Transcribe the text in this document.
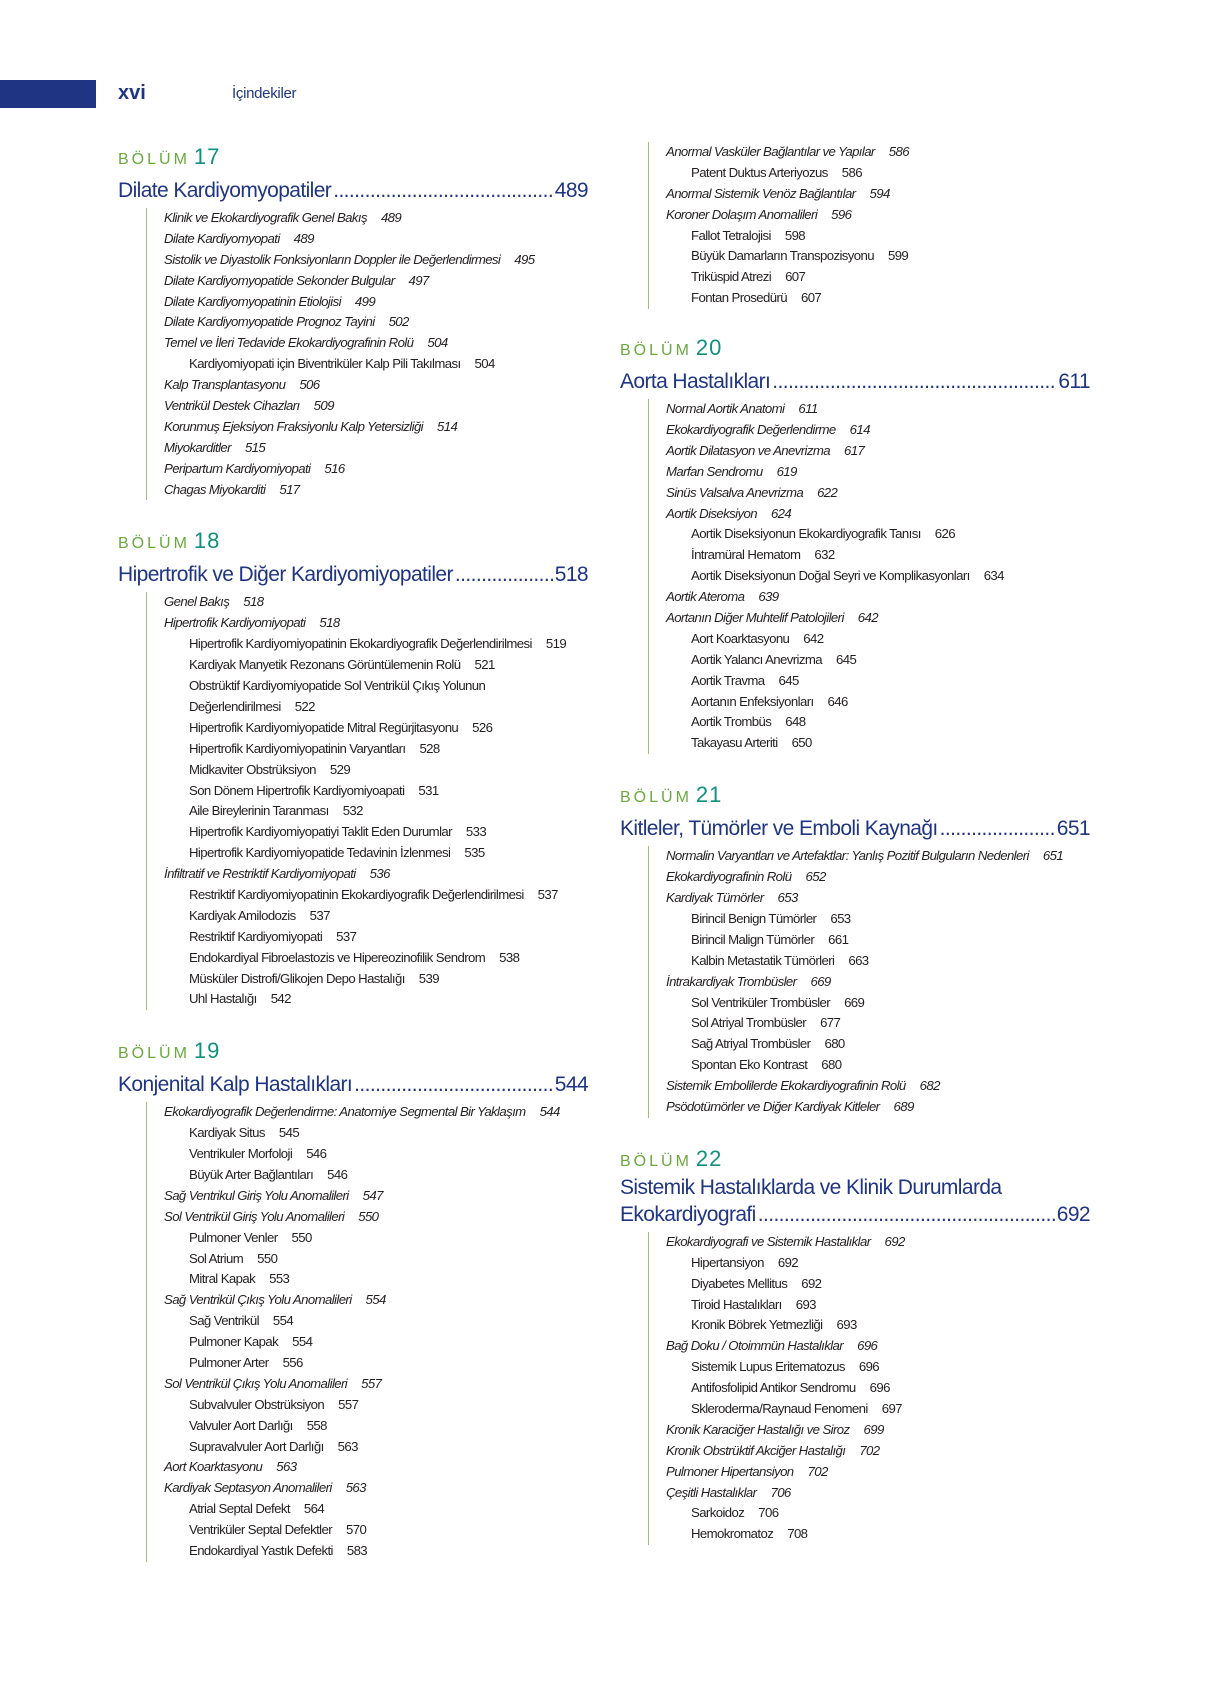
xvi	İçindekiler
BÖLÜM 17
Dilate Kardiyomyopatiler .....	489
Klinik ve Ekokardiyografik Genel Bakış 489
Dilate Kardiyomyopati 489
Sistolik ve Diyastolik Fonksiyonların Doppler ile Değerlendirmesi 495
Dilate Kardiyomyopatide Sekonder Bulgular 497
Dilate Kardiyomyopatinin Etiolojisi 499
Dilate Kardiyomyopatide Prognoz Tayini 502
Temel ve İleri Tedavide Ekokardiyografinin Rolü 504
Kardiyomiyopati için Biventriküler Kalp Pili Takılması 504
Kalp Transplantasyonu 506
Ventrikül Destek Cihazları 509
Korunmuş Ejeksiyon Fraksiyonlu Kalp Yetersizliği 514
Miyokarditler 515
Peripartum Kardiyomiyopati 516
Chagas Miyokarditi 517
BÖLÜM 18
Hipertrofik ve Diğer Kardiyomiyopatiler .....	518
Genel Bakış 518
Hipertrofik Kardiyomiyopati 518
Hipertrofik Kardiyomiyopatinin Ekokardiyografik Değerlendirilmesi 519
Kardiyak Manyetik Rezonans Görüntülemenin Rolü 521
Obstrüktif Kardiyomiyopatide Sol Ventrikül Çıkış Yolunun Değerlendirilmesi 522
Hipertrofik Kardiyomiyopatide Mitral Regürjitasyonu 526
Hipertrofik Kardiyomiyopatinin Varyantları 528
Midkaviter Obstrüksiyon 529
Son Dönem Hipertrofik Kardiyomiyoapati 531
Aile Bireylerinin Taranması 532
Hipertrofik Kardiyomiyopatiyi Taklit Eden Durumlar 533
Hipertrofik Kardiyomiyopatide Tedavinin İzlenmesi 535
İnfiltratif ve Restriktif Kardiyomiyopati 536
Restriktif Kardiyomiyopatinin Ekokardiyografik Değerlendirilmesi 537
Kardiyak Amilodozis 537
Restriktif Kardiyomiyopati 537
Endokardiyal Fibroelastozis ve Hipereozinofilik Sendrom 538
Müsküler Distrofi/Glikojen Depo Hastalığı 539
Uhl Hastalığı 542
BÖLÜM 19
Konjenital Kalp Hastalıkları .....	544
Ekokardiyografik Değerlendirme: Anatomiye Segmental Bir Yaklaşım 544
Kardiyak Situs 545
Ventrikuler Morfoloji 546
Büyük Arter Bağlantıları 546
Sağ Ventrikul Giriş Yolu Anomalileri 547
Sol Ventrikül Giriş Yolu Anomalileri 550
Pulmoner Venler 550
Sol Atrium 550
Mitral Kapak 553
Sağ Ventrikül Çıkış Yolu Anomalileri 554
Sağ Ventrikül 554
Pulmoner Kapak 554
Pulmoner Arter 556
Sol Ventrikül Çıkış Yolu Anomalileri 557
Subvalvuler Obstrüksiyon 557
Valvuler Aort Darlığı 558
Supravalvuler Aort Darlığı 563
Aort Koarktasyonu 563
Kardiyak Septasyon Anomalileri 563
Atrial Septal Defekt 564
Ventriküler Septal Defektler 570
Endokardiyal Yastık Defekti 583
Anormal Vasküler Bağlantılar ve Yapılar 586
Patent Duktus Arteriyozus 586
Anormal Sistemik Venöz Bağlantılar 594
Koroner Dolaşım Anomalileri 596
Fallot Tetralojisi 598
Büyük Damarların Transpozisyonu 599
Triküspid Atrezi 607
Fontan Prosedürü 607
BÖLÜM 20
Aorta Hastalıkları .....	611
Normal Aortik Anatomi 611
Ekokardiyografik Değerlendirme 614
Aortik Dilatasyon ve Anevrizma 617
Marfan Sendromu 619
Sinüs Valsalva Anevrizma 622
Aortik Diseksiyon 624
Aortik Diseksiyonun Ekokardiyografik Tanısı 626
İntramüral Hematom 632
Aortik Diseksiyonun Doğal Seyri ve Komplikasyonları 634
Aortik Ateroma 639
Aortanın Diğer Muhtelif Patolojileri 642
Aort Koarktasyonu 642
Aortik Yalancı Anevrizma 645
Aortik Travma 645
Aortanın Enfeksiyonları 646
Aortik Trombüs 648
Takayasu Arteriti 650
BÖLÜM 21
Kitleler, Tümörler ve Emboli Kaynağı .....	651
Normalin Varyantları ve Artefaktlar: Yanlış Pozitif Bulguların Nedenleri 651
Ekokardiyografinin Rolü 652
Kardiyak Tümörler 653
Birincil Benign Tümörler 653
Birincil Malign Tümörler 661
Kalbin Metastatik Tümörleri 663
İntrakardiyak Trombüsler 669
Sol Ventriküler Trombüsler 669
Sol Atriyal Trombüsler 677
Sağ Atriyal Trombüsler 680
Spontan Eko Kontrast 680
Sistemik Embolilerde Ekokardiyografinin Rolü 682
Psödotümörler ve Diğer Kardiyak Kitleler 689
BÖLÜM 22
Sistemik Hastalıklarda ve Klinik Durumlarda
Ekokardiyografi .....	692
Ekokardiyografi ve Sistemik Hastalıklar 692
Hipertansiyon 692
Diyabetes Mellitus 692
Tiroid Hastalıkları 693
Kronik Böbrek Yetmezliği 693
Bağ Doku / Otoimmün Hastalıklar 696
Sistemik Lupus Eritematozus 696
Antifosfolipid Antikor Sendromu 696
Skleroderma/Raynaud Fenomeni 697
Kronik Karaciğer Hastalığı ve Siroz 699
Kronik Obstrüktif Akciğer Hastalığı 702
Pulmoner Hipertansiyon 702
Çeşitli Hastalıklar 706
Sarkoidoz 706
Hemokromatoz 708
